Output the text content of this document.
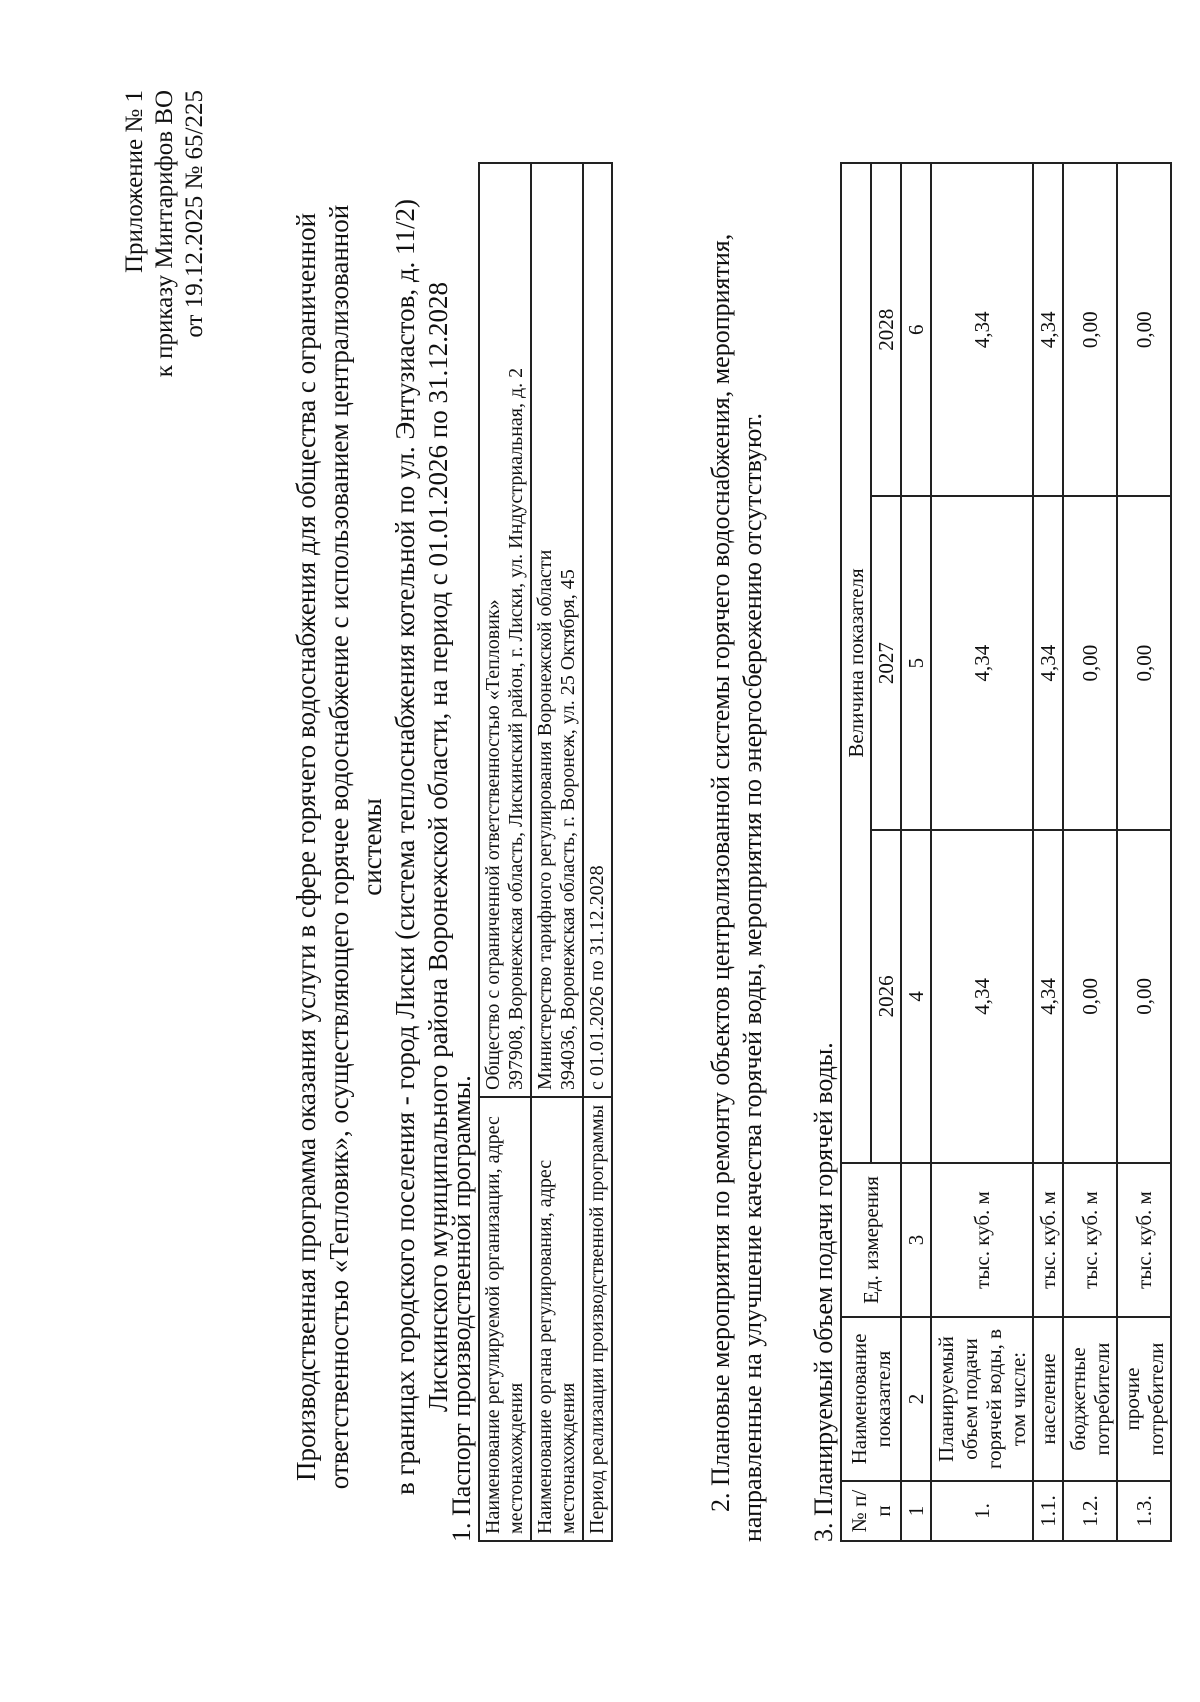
Приложение № 1 к приказу Минтарифов ВО от 19.12.2025 № 65/225	Производственная программа оказания услуги в сфере горячего водоснабжения для общества с ограниченной ответственностью «Тепловик», осуществляющего горячее водоснабжение с использованием централизованной системы в границах городского поселения - город Лиски (система теплоснабжения котельной по ул. Энтузиастов, д. 11/2) Лискинского муниципального района Воронежской области, на период с 01.01.2026 по 31.12.2028
1. Паспорт производственной программы. Наименование регулируемой организации, адрес местонахождения	Общество с ограниченной ответственностью «Тепловик» 397908, Воронежская область, Лискинский район, г. Лиски, ул. Индустриальная, д. 2

Наименование органа регулирования, адрес местонахождения	Министерство тарифного регулирования Воронежской области 394036, Воронежская область, г. Воронеж, ул. 25 Октября, 45

Период реализации производственной программы	с 01.01.2026 по 31.12.2028	2. Плановые мероприятия по ремонту объектов централизованной системы горячего водоснабжения, мероприятия, направленные на улучшение качества горячей воды, мероприятия по энергосбережению отсутствуют. 3. Планируемый объем подачи горячей воды. № п/п	Наименование показателя	Ед. измерения	Величина показателя		
			2026	2027	2028
1	2	3	4	5	6
1.	Планируемый объем подачи горячей воды, в том числе:	тыс. куб. м	4,34	4,34	4,34
1.1.	население	тыс. куб. м	4,34	4,34	4,34
1.2.	бюджетные потребители	тыс. куб. м	0,00	0,00	0,00
1.3.	прочие потребители	тыс. куб. м	0,00	0,00	0,00
